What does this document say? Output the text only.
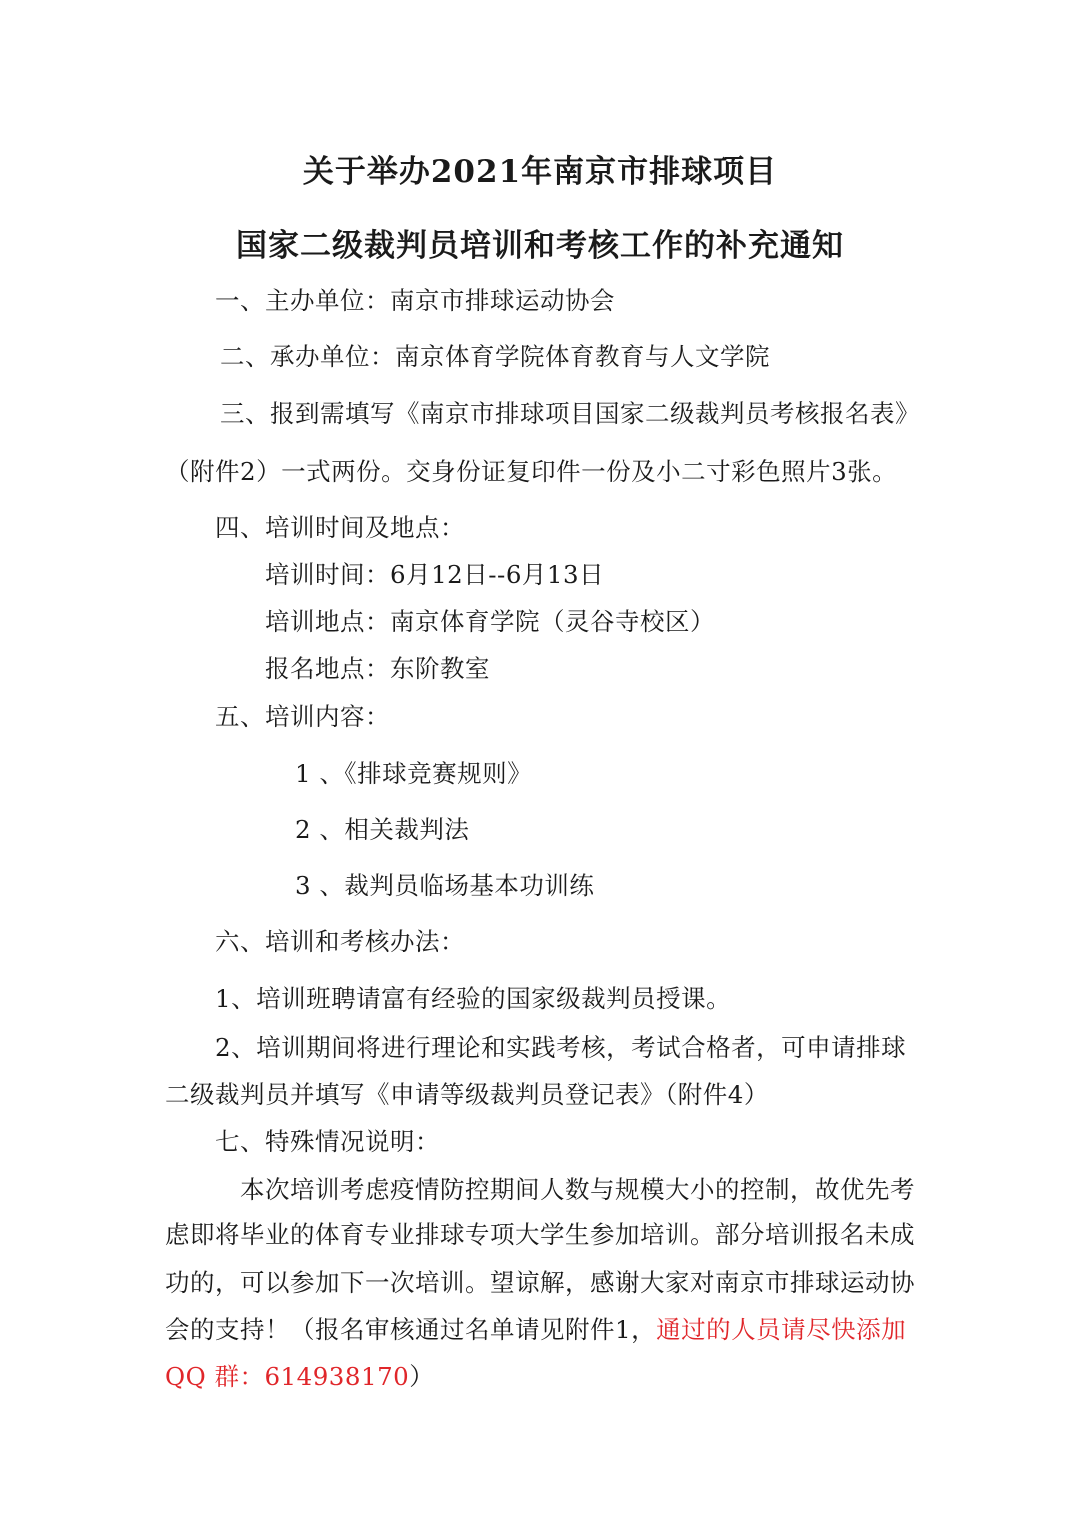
关于举办2021年南京市排球项目
国家二级裁判员培训和考核工作的补充通知
一、主办单位：南京市排球运动协会
二、承办单位：南京体育学院体育教育与人文学院
三、报到需填写《南京市排球项目国家二级裁判员考核报名表》
（附件2）一式两份。交身份证复印件一份及小二寸彩色照片3张。
四、培训时间及地点：
培训时间：6月12日--6月13日
培训地点：南京体育学院（灵谷寺校区）
报名地点：东阶教室
五、培训内容：
1 、《排球竞赛规则》
2 、相关裁判法
3 、裁判员临场基本功训练
六、培训和考核办法：
1、培训班聘请富有经验的国家级裁判员授课。
2、培训期间将进行理论和实践考核，考试合格者，可申请排球
二级裁判员并填写《申请等级裁判员登记表》（附件4）
七、特殊情况说明：
本次培训考虑疫情防控期间人数与规模大小的控制，故优先考
虑即将毕业的体育专业排球专项大学生参加培训。部分培训报名未成
功的，可以参加下一次培训。望谅解，感谢大家对南京市排球运动协
会的支持！（报名审核通过名单请见附件1，通过的人员请尽快添加
QQ 群：614938170）
